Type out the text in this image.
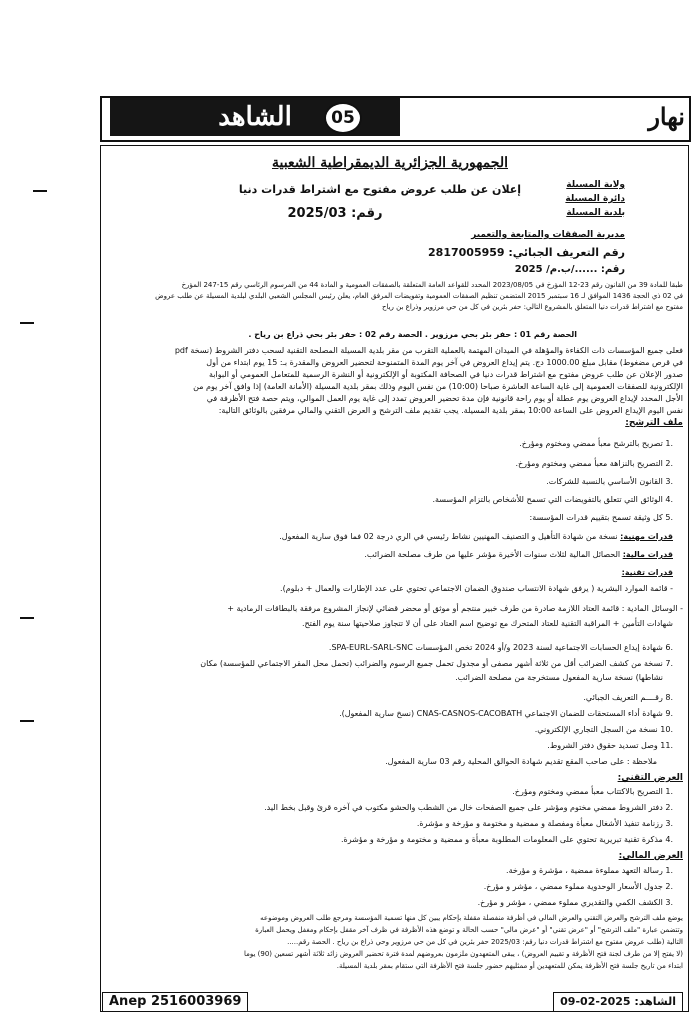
الشاهد	05	نهار
الجمهورية الجزائرية الديمقراطية الشعبية
إعلان عن طلب عروض مفتوح مع اشتراط قدرات دنيا
رقم: 2025/03
ولاية المسيلة
دائرة المسيلة
بلدية المسيلة
مديرية الصفقات والمتابعة والتعمير
رقم التعريف الجبائي: 2817005959
رقم: ....../ب.م/ 2025
طبقا للمادة 39 من القانون رقم 23-12 المؤرخ في 2023/08/05 المحدد للقواعد العامة المتعلقة بالصفقات العمومية و المادة 44 من المرسوم الرئاسي رقم 15-247 المؤرخ
في 02 ذي الحجة 1436 الموافق لـ 16 سبتمبر 2015 المتضمن تنظيم الصفقات العمومية وتفويضات المرفق العام، يعلن رئيس المجلس الشعبي البلدي لبلدية المسيلة عن طلب عروض
مفتوح مع اشتراط قدرات دنيا المتعلق بالمشروع التالي: حفر بئرين في كل من حي مرزوير وذراع بن رياح
الحصة رقم 01 : حفر بئر بحي مرزوير . الحصة رقم 02 : حفر بئر بحي ذراع بن رياح .
فعلى جميع المؤسسات ذات الكفاءة والمؤهلة في الميدان المهتمة بالعملية التقرب من مقر بلدية المسيلة المصلحة التقنية لسحب دفتر الشروط (نسخة pdf
في قرص مضغوط) مقابل مبلغ 1000.00 دج. يتم إيداع العروض في آخر يوم المدة المتمنوحة لتحضير العروض والمقدرة بـ: 15 يوم ابتداء من أول
صدور الإعلان عن طلب عروض مفتوح مع اشتراط قدرات دنيا في الصحافة المكتوبة أو الإلكترونية أو النشرة الرسمية للمتعامل العمومي أو البوابة
الإلكترونية للصفقات العمومية إلى غاية الساعة العاشرة صباحا (10:00) من نفس اليوم وذلك بمقر بلدية المسيلة (الأمانة العامة) إذا وافق آخر يوم من
الأجل المحدد لإيداع العروض يوم عطلة أو يوم راحة قانونية فإن مدة تحضير العروض تمدد إلى غاية يوم العمل الموالي، ويتم حصة فتح الأظرفة في
نفس اليوم الإيداع العروض على الساعة 10:00 بمقر بلدية المسيلة. يجب تقديم ملف الترشح و العرض التقني والمالي مرفقين بالوثائق التالية:
ملف الترشح:
.1 تصريح بالترشح معبأ ممضي ومختوم ومؤرخ.
.2 التصريح بالنزاهة معبأ ممضي ومختوم ومؤرخ.
.3 القانون الأساسي بالنسبة للشركات.
.4 الوثائق التي تتعلق بالتفويضات التي تسمح للأشخاص بالتزام المؤسسة.
.5 كل وثيقة تسمح بتقييم قدرات المؤسسة:
قدرات مهنية: نسخة من شهادة التأهيل و التصنيف المهنيين نشاط رئيسي في الري درجة 02 فما فوق سارية المفعول.
قدرات مالية: الحصائل المالية لثلاث سنوات الأخيرة مؤشر عليها من طرف مصلحة الضرائب.
قدرات تقنية:
- قائمة الموارد البشرية ( يرفق شهادة الانتساب صندوق الضمان الاجتماعي تحتوي على عدد الإطارات والعمال + دبلوم).
- الوسائل المادية : قائمة العتاد اللازمة صادرة من طرف خبير منتجم أو موثق أو محضر قضائي لإنجاز المشروع مرفقة بالبطاقات الرمادية +
شهادات التأمين + المراقبة التقنية للعتاد المتحرك مع توضيح اسم العتاد على أن لا تتجاوز صلاحيتها سنة يوم الفتح.
.6 شهادة إيداع الحسابات الاجتماعية لسنة 2023 و/أو 2024 تخص المؤسسات SPA-EURL-SARL-SNC.
.7 نسخة من كشف الضرائب أقل من ثلاثة أشهر مصفى أو مجدول تحمل جميع الرسوم والضرائب (تحمل محل المقر الاجتماعي للمؤسسة) مكان
نشاطها) نسخة سارية المفعول مستخرجة من مصلحة الضرائب.
.8 رقــــم التعريف الجبائي.
.9 شهادة أداء المستحقات للضمان الاجتماعي CNAS-CASNOS-CACOBATH (نسخ سارية المفعول).
.10 نسخة من السجل التجاري الإلكتروني.
.11 وصل تسديد حقوق دفتر الشروط.
ملاحظة : على صاحب المقع تقديم شهادة الحوالق المحلية رقم 03 سارية المفعول.
العرض التقني:
.1 التصريح بالاكتتاب معبأ ممضي ومختوم ومؤرخ.
.2 دفتر الشروط ممضي مختوم ومؤشر على جميع الصفحات خال من الشطب والحشو مكتوب في آخره قرئ وقبل بخط اليد.
.3 رزنامة تنفيذ الأشغال معبأة ومفصلة و ممضية و مختومة و مؤرخة و مؤشرة.
.4 مذكرة تقنية تبريرية تحتوي على المعلومات المطلوبة معبأة و ممضية و مختومة و مؤرخة و مؤشرة.
العرض المالي:
.1 رسالة التعهد مملوءة ممضية ، مؤشرة و مؤرخة.
.2 جدول الأسعار الوحدوية مملوء ممضي ، مؤشر و مؤرخ.
.3 الكشف الكمي والتقديري مملوء ممضي ، مؤشر و مؤرخ.
يوضع ملف الترشح والعرض التقني والعرض المالي في أظرفة منفصلة مقفلة بإحكام يبين كل منها تسمية المؤسسة ومرجع طلب العروض وموضوعه
وتتضمن عبارة "ملف الترشح" أو "عرض تقني" أو "عرض مالي" حسب الحالة و توضع هذه الأظرفة في ظرف آخر مقفل بإحكام ومغفل ويحمل العبارة
التالية (طلب عروض مفتوح مع اشتراط قدرات دنيا رقم: 2025/03 حفر بئرين في كل من حي مرزوير وحي ذراع بن رياح . الحصة رقم.....
(لا يفتح إلا من طرف لجنة فتح الأظرفة و تقييم العروض) ، يبقى المتعهدون ملزمون بعروضهم لمدة فترة تحضير العروض زائد ثلاثة أشهر تسعين (90) يوما
ابتداء من تاريخ جلسة فتح الأظرفة يمكن للمتعهدين أو ممثليهم حضور جلسة فتح الأظرفة التي ستقام بمقر بلدية المسيلة.
Anep 2516003969	الشاهد: 2025-02-09
